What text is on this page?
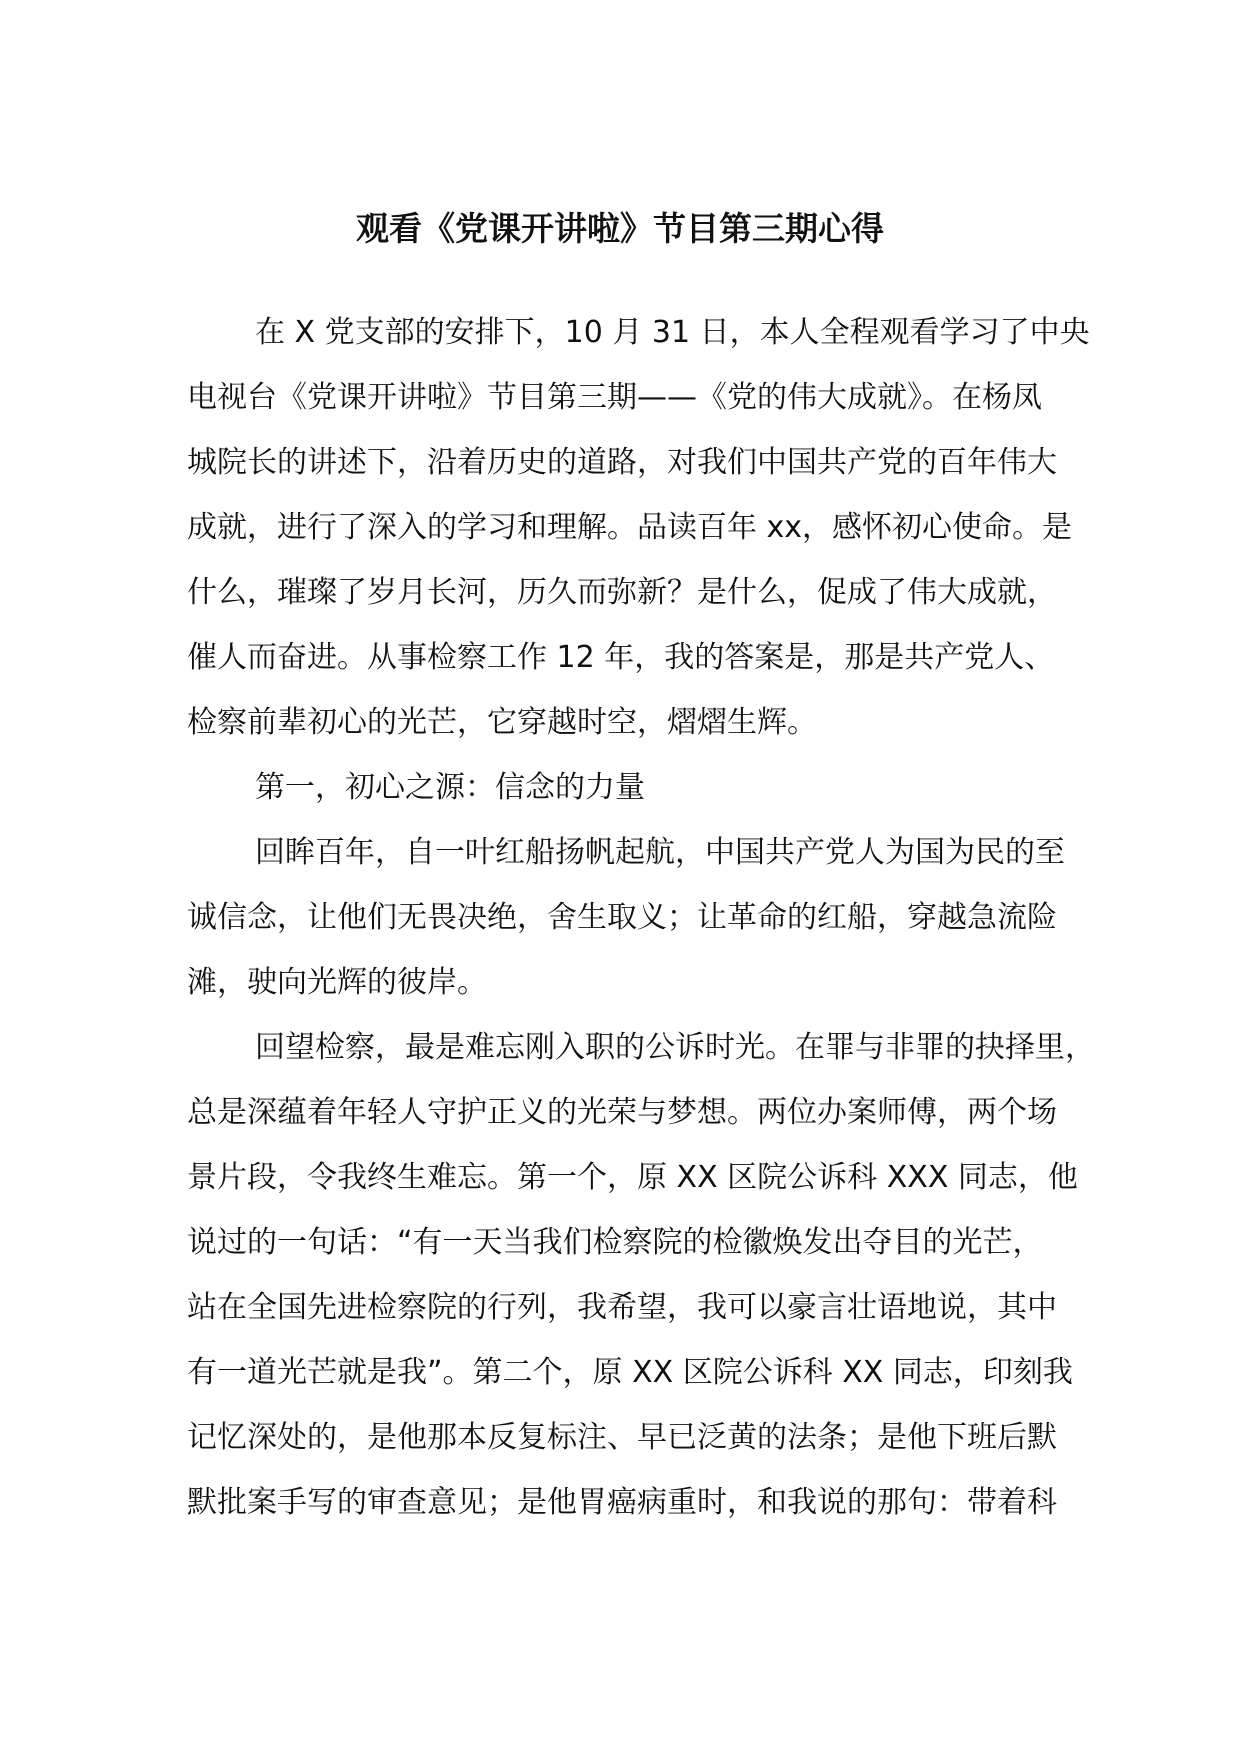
观看《党课开讲啦》节目第三期心得
在 X 党支部的安排下，10 月 31 日，本人全程观看学习了中央
电视台《党课开讲啦》节目第三期——《党的伟大成就》。在杨凤
城院长的讲述下，沿着历史的道路，对我们中国共产党的百年伟大
成就，进行了深入的学习和理解。品读百年 xx，感怀初心使命。是
什么，璀璨了岁月长河，历久而弥新？是什么，促成了伟大成就，
催人而奋进。从事检察工作 12 年，我的答案是，那是共产党人、
检察前辈初心的光芒，它穿越时空，熠熠生辉。
第一，初心之源：信念的力量
回眸百年，自一叶红船扬帆起航，中国共产党人为国为民的至
诚信念，让他们无畏决绝，舍生取义；让革命的红船，穿越急流险
滩，驶向光辉的彼岸。
回望检察，最是难忘刚入职的公诉时光。在罪与非罪的抉择里，
总是深蕴着年轻人守护正义的光荣与梦想。两位办案师傅，两个场
景片段，令我终生难忘。第一个，原 XX 区院公诉科 XXX 同志，他
说过的一句话：“有一天当我们检察院的检徽焕发出夺目的光芒，
站在全国先进检察院的行列，我希望，我可以豪言壮语地说，其中
有一道光芒就是我”。第二个，原 XX 区院公诉科 XX 同志，印刻我
记忆深处的，是他那本反复标注、早已泛黄的法条；是他下班后默
默批案手写的审查意见；是他胃癌病重时，和我说的那句：带着科
